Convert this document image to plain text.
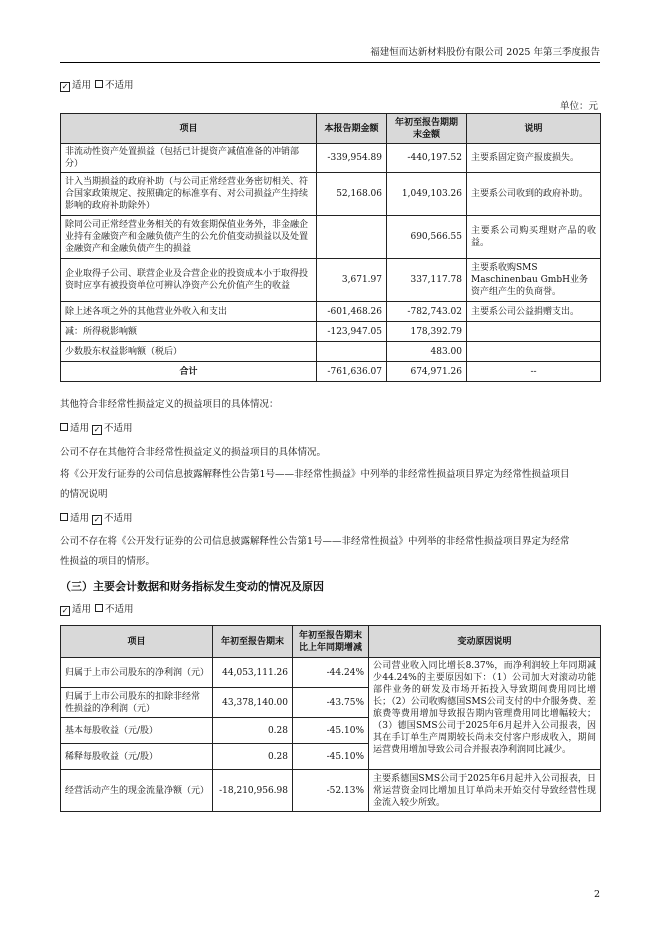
福建恒而达新材料股份有限公司 2025 年第三季度报告
✓ 适用 不适用
单位：元
项目	本报告期金额	年初至报告期期末金额	说明
非流动性资产处置损益（包括已计提资产减值准备的冲销部分）	-339,954.89	-440,197.52	主要系固定资产报废损失。
计入当期损益的政府补助（与公司正常经营业务密切相关、符合国家政策规定、按照确定的标准享有、对公司损益产生持续影响的政府补助除外）	52,168.06	1,049,103.26	主要系公司收到的政府补助。
除同公司正常经营业务相关的有效套期保值业务外，非金融企业持有金融资产和金融负债产生的公允价值变动损益以及处置金融资产和金融负债产生的损益		690,566.55	主要系公司购买理财产品的收益。
企业取得子公司、联营企业及合营企业的投资成本小于取得投资时应享有被投资单位可辨认净资产公允价值产生的收益	3,671.97	337,117.78	主要系收购SMS Maschinenbau GmbH业务资产组产生的负商誉。
除上述各项之外的其他营业外收入和支出	-601,468.26	-782,743.02	主要系公司公益捐赠支出。
减：所得税影响额	-123,947.05	178,392.79	
少数股东权益影响额（税后）		483.00	
合计	-761,636.07	674,971.26	--
其他符合非经常性损益定义的损益项目的具体情况：
适用 ✓ 不适用
公司不存在其他符合非经常性损益定义的损益项目的具体情况。
将《公开发行证券的公司信息披露解释性公告第1号——非经常性损益》中列举的非经常性损益项目界定为经常性损益项目
的情况说明
适用 ✓ 不适用
公司不存在将《公开发行证券的公司信息披露解释性公告第1号——非经常性损益》中列举的非经常性损益项目界定为经常
性损益的项目的情形。
（三）主要会计数据和财务指标发生变动的情况及原因
✓ 适用 不适用
项目	年初至报告期末	年初至报告期末比上年同期增减	变动原因说明
归属于上市公司股东的净利润（元）	44,053,111.26	-44.24%	公司营业收入同比增长8.37%，而净利润较上年同期减少44.24%的主要原因如下：（1）公司加大对滚动功能部件业务的研发及市场开拓投入导致期间费用同比增长；（2）公司收购德国SMS公司支付的中介服务费、差旅费等费用增加导致报告期内管理费用同比增幅较大；（3）德国SMS公司于2025年6月起并入公司报表，因其在手订单生产周期较长尚未交付客户形成收入，期间运营费用增加导致公司合并报表净利润同比减少。
归属于上市公司股东的扣除非经常性损益的净利润（元）	43,378,140.00	-43.75%	
基本每股收益（元/股）	0.28	-45.10%	
稀释每股收益（元/股）	0.28	-45.10%	
经营活动产生的现金流量净额（元）	-18,210,956.98	-52.13%	主要系德国SMS公司于2025年6月起并入公司报表，日常运营资金同比增加且订单尚未开始交付导致经营性现金流入较少所致。
2
